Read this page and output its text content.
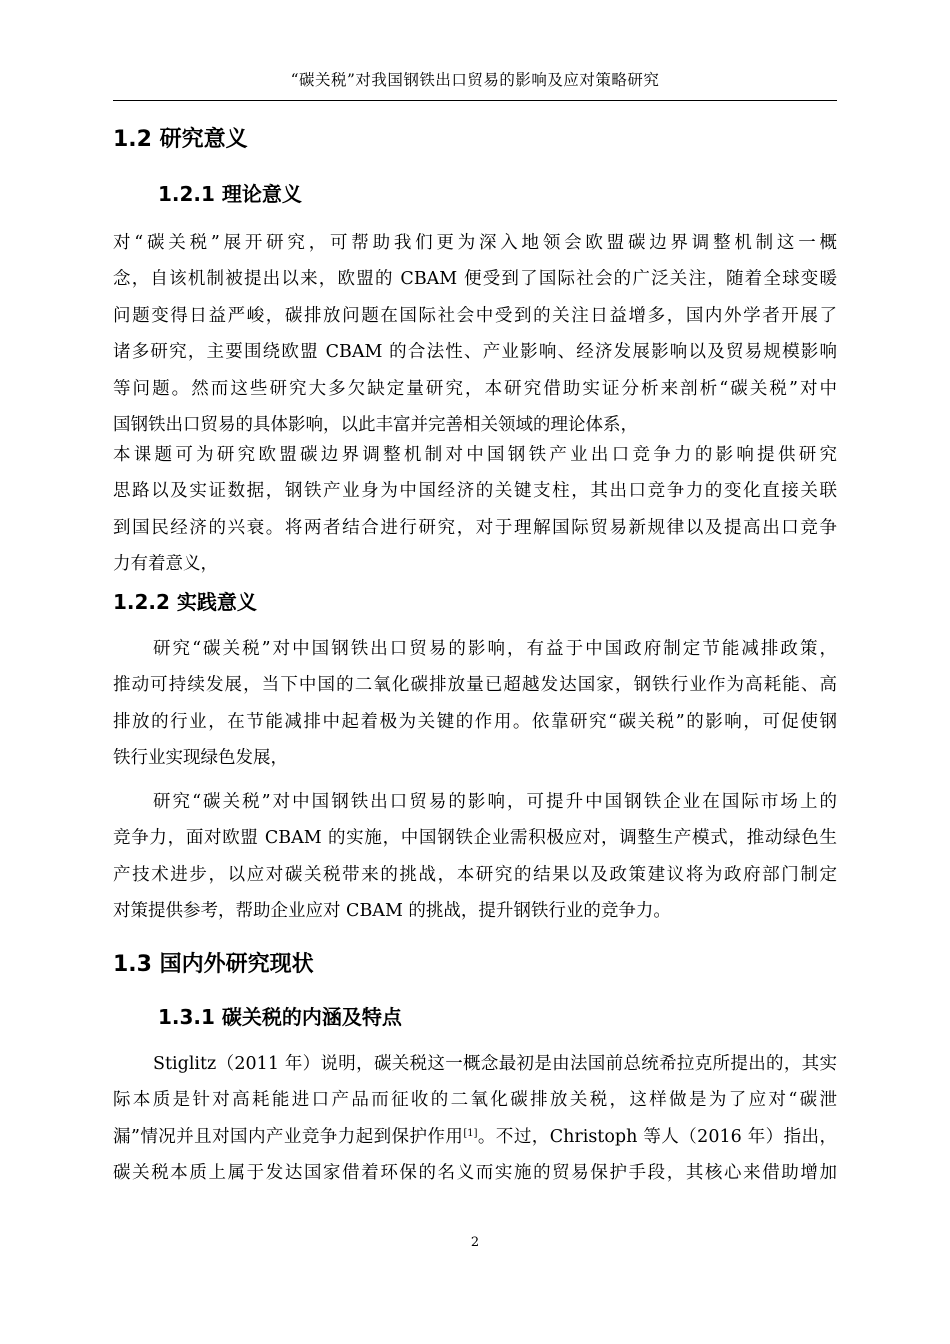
“碳关税”对我国钢铁出口贸易的影响及应对策略研究
1.2 研究意义
1.2.1 理论意义
对“碳关税”展开研究，可帮助我们更为深入地领会欧盟碳边界调整机制这一概
念，自该机制被提出以来，欧盟的 CBAM 便受到了国际社会的广泛关注，随着全球变暖
问题变得日益严峻，碳排放问题在国际社会中受到的关注日益增多，国内外学者开展了
诸多研究，主要围绕欧盟 CBAM 的合法性、产业影响、经济发展影响以及贸易规模影响
等问题。然而这些研究大多欠缺定量研究，本研究借助实证分析来剖析“碳关税”对中
国钢铁出口贸易的具体影响，以此丰富并完善相关领域的理论体系，
本课题可为研究欧盟碳边界调整机制对中国钢铁产业出口竞争力的影响提供研究
思路以及实证数据，钢铁产业身为中国经济的关键支柱，其出口竞争力的变化直接关联
到国民经济的兴衰。将两者结合进行研究，对于理解国际贸易新规律以及提高出口竞争
力有着意义，
1.2.2 实践意义
研究“碳关税”对中国钢铁出口贸易的影响，有益于中国政府制定节能减排政策，
推动可持续发展，当下中国的二氧化碳排放量已超越发达国家，钢铁行业作为高耗能、高
排放的行业，在节能减排中起着极为关键的作用。依靠研究“碳关税”的影响，可促使钢
铁行业实现绿色发展，
研究“碳关税”对中国钢铁出口贸易的影响，可提升中国钢铁企业在国际市场上的
竞争力，面对欧盟 CBAM 的实施，中国钢铁企业需积极应对，调整生产模式，推动绿色生
产技术进步，以应对碳关税带来的挑战，本研究的结果以及政策建议将为政府部门制定
对策提供参考，帮助企业应对 CBAM 的挑战，提升钢铁行业的竞争力。
1.3 国内外研究现状
1.3.1 碳关税的内涵及特点
Stiglitz（2011 年）说明，碳关税这一概念最初是由法国前总统希拉克所提出的，其实
际本质是针对高耗能进口产品而征收的二氧化碳排放关税，这样做是为了应对“碳泄
漏”情况并且对国内产业竞争力起到保护作用[1]。不过，Christoph 等人（2016 年）指出，
碳关税本质上属于发达国家借着环保的名义而实施的贸易保护手段，其核心来借助增加
2
